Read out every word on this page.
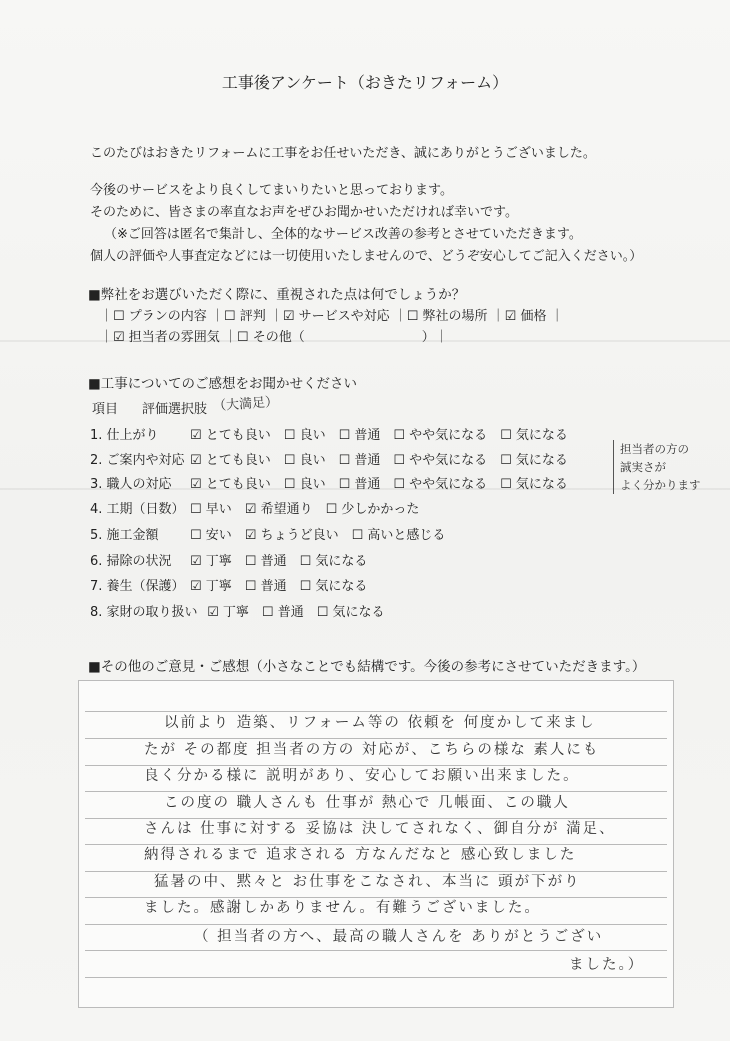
工事後アンケート（おきたリフォーム）
このたびはおきたリフォームに工事をお任せいただき、誠にありがとうございました。
今後のサービスをより良くしてまいりたいと思っております。
そのために、皆さまの率直なお声をぜひお聞かせいただければ幸いです。
（※ご回答は匿名で集計し、全体的なサービス改善の参考とさせていただきます。
個人の評価や人事査定などには一切使用いたしませんので、どうぞ安心してご記入ください。）
■弊社をお選びいただく際に、重視された点は何でしょうか？
｜☐ プランの内容 ｜☐ 評判 ｜☑ サービスや対応 ｜☐ 弊社の場所 ｜☑ 価格 ｜
｜☑ 担当者の雰囲気 ｜☐ その他（　　　　　　　　　）｜
■工事についてのご感想をお聞かせください
項目 評価選択肢 （大満足）
1. 仕上がり ☑ とても良い　☐ 良い　☐ 普通　☐ やや気になる　☐ 気になる
2. ご案内や対応 ☑ とても良い　☐ 良い　☐ 普通　☐ やや気になる　☐ 気になる
3. 職人の対応 ☑ とても良い　☐ 良い　☐ 普通　☐ やや気になる　☐ 気になる
4. 工期（日数） ☐ 早い　☑ 希望通り　☐ 少しかかった
5. 施工金額 ☐ 安い　☑ ちょうど良い　☐ 高いと感じる
6. 掃除の状況 ☑ 丁寧　☐ 普通　☐ 気になる
7. 養生（保護） ☑ 丁寧　☐ 普通　☐ 気になる
8. 家財の取り扱い　 ☑ 丁寧　☐ 普通　☐ 気になる
担当者の方の
誠実さが
よく分かります
■その他のご意見・ご感想（小さなことでも結構です。今後の参考にさせていただきます。）
以前より 造築、リフォーム等の 依頼を 何度かして来まし
たが その都度 担当者の方の 対応が、こちらの様な 素人にも
良く分かる様に 説明があり、安心してお願い出来ました。
この度の 職人さんも 仕事が 熱心で 几帳面、この職人
さんは 仕事に対する 妥協は 決してされなく、御自分が 満足、
納得されるまで 追求される 方なんだなと 感心致しました
猛暑の中、黙々と お仕事をこなされ、本当に 頭が下がり
ました。感謝しかありません。有難うございました。
（ 担当者の方へ、最高の職人さんを ありがとうござい
ました。）
